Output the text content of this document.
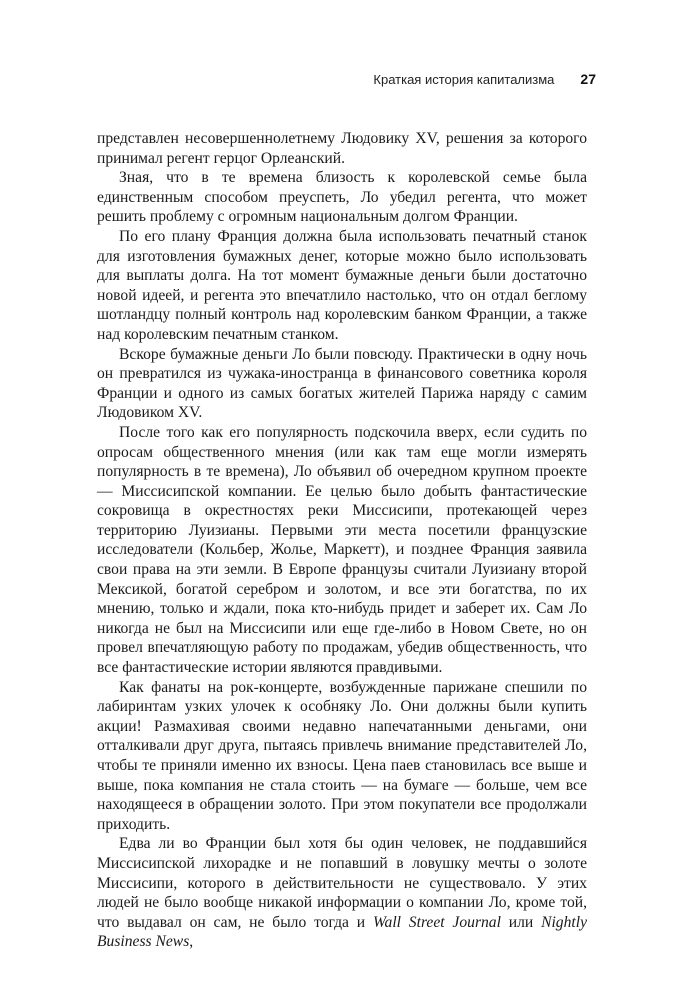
Краткая история капитализма 27

представлен несовершеннолетнему Людовику XV, решения за которого принимал регент герцог Орлеанский.

Зная, что в те времена близость к королевской семье была единственным способом преуспеть, Ло убедил регента, что может решить проблему с огромным национальным долгом Франции.

По его плану Франция должна была использовать печатный станок для изготовления бумажных денег, которые можно было использовать для выплаты долга. На тот момент бумажные деньги были достаточно новой идеей, и регента это впечатлило настолько, что он отдал беглому шотландцу полный контроль над королевским банком Франции, а также над королевским печатным станком.

Вскоре бумажные деньги Ло были повсюду. Практически в одну ночь он превратился из чужака-иностранца в финансового советника короля Франции и одного из самых богатых жителей Парижа наряду с самим Людовиком XV.

После того как его популярность подскочила вверх, если судить по опросам общественного мнения (или как там еще могли измерять популярность в те времена), Ло объявил об очередном крупном проекте — Миссисипской компании. Ее целью было добыть фантастические сокровища в окрестностях реки Миссисипи, протекающей через территорию Луизианы. Первыми эти места посетили французские исследователи (Кольбер, Жолье, Маркетт), и позднее Франция заявила свои права на эти земли. В Европе французы считали Луизиану второй Мексикой, богатой серебром и золотом, и все эти богатства, по их мнению, только и ждали, пока кто-нибудь придет и заберет их. Сам Ло никогда не был на Миссисипи или еще где-либо в Новом Свете, но он провел впечатляющую работу по продажам, убедив общественность, что все фантастические истории являются правдивыми.

Как фанаты на рок-концерте, возбужденные парижане спешили по лабиринтам узких улочек к особняку Ло. Они должны были купить акции! Размахивая своими недавно напечатанными деньгами, они отталкивали друг друга, пытаясь привлечь внимание представителей Ло, чтобы те приняли именно их взносы. Цена паев становилась все выше и выше, пока компания не стала стоить — на бумаге — больше, чем все находящееся в обращении золото. При этом покупатели все продолжали приходить.

Едва ли во Франции был хотя бы один человек, не поддавшийся Миссисипской лихорадке и не попавший в ловушку мечты о золоте Миссисипи, которого в действительности не существовало. У этих людей не было вообще никакой информации о компании Ло, кроме той, что выдавал он сам, не было тогда и Wall Street Journal или Nightly Business News,
